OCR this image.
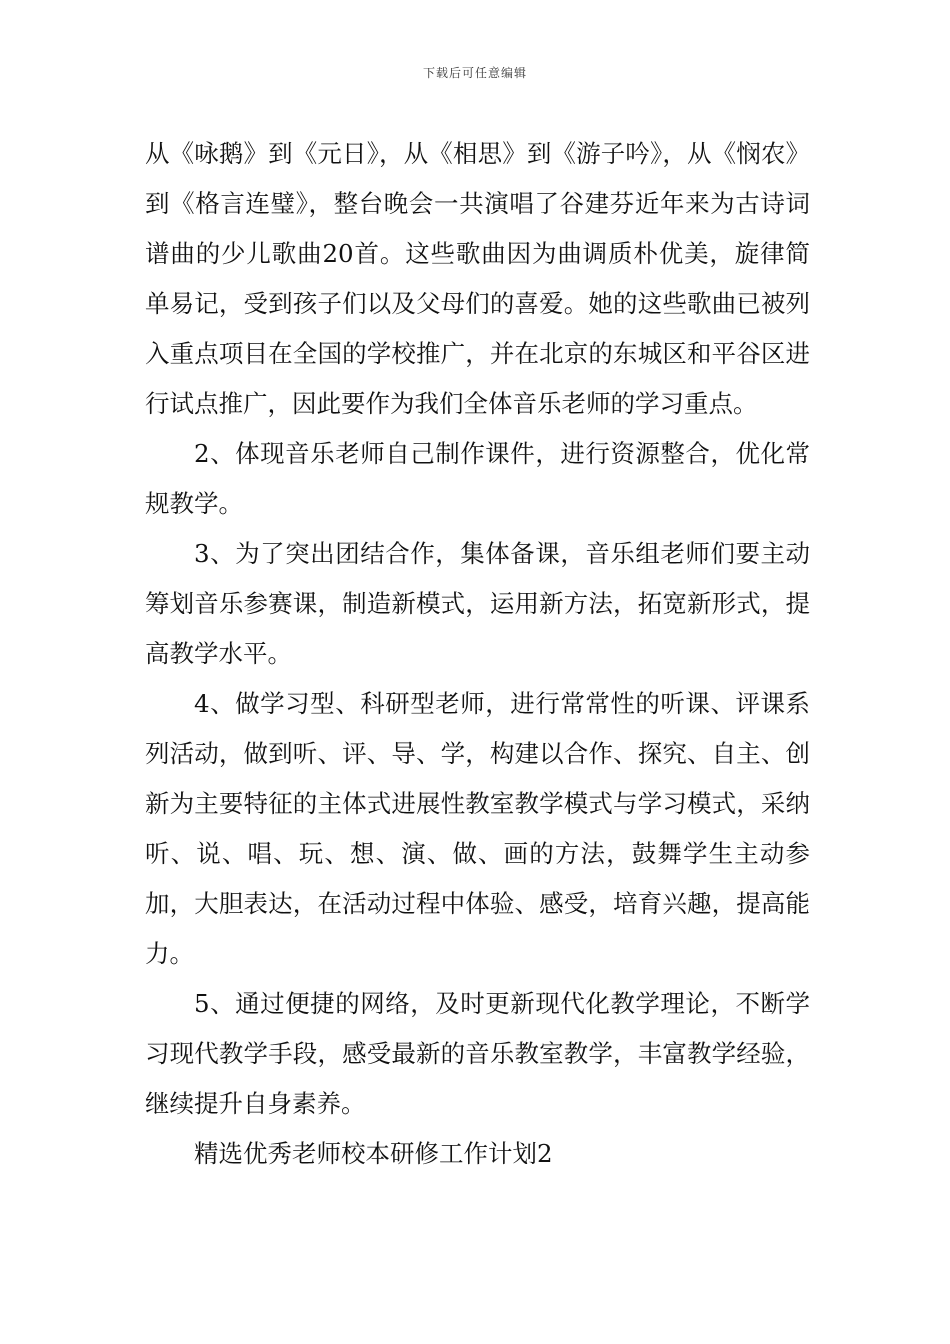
下载后可任意编辑

从《咏鹅》到《元日》，从《相思》到《游子吟》，从《悯农》到《格言连璧》，整台晚会一共演唱了谷建芬近年来为古诗词谱曲的少儿歌曲20首。这些歌曲因为曲调质朴优美，旋律简单易记，受到孩子们以及父母们的喜爱。她的这些歌曲已被列入重点项目在全国的学校推广，并在北京的东城区和平谷区进行试点推广，因此要作为我们全体音乐老师的学习重点。

2、体现音乐老师自己制作课件，进行资源整合，优化常规教学。

3、为了突出团结合作，集体备课，音乐组老师们要主动筹划音乐参赛课，制造新模式，运用新方法，拓宽新形式，提高教学水平。

4、做学习型、科研型老师，进行常常性的听课、评课系列活动，做到听、评、导、学，构建以合作、探究、自主、创新为主要特征的主体式进展性教室教学模式与学习模式，采纳听、说、唱、玩、想、演、做、画的方法，鼓舞学生主动参加，大胆表达，在活动过程中体验、感受，培育兴趣，提高能力。

5、通过便捷的网络，及时更新现代化教学理论，不断学习现代教学手段，感受最新的音乐教室教学，丰富教学经验，继续提升自身素养。

精选优秀老师校本研修工作计划2
